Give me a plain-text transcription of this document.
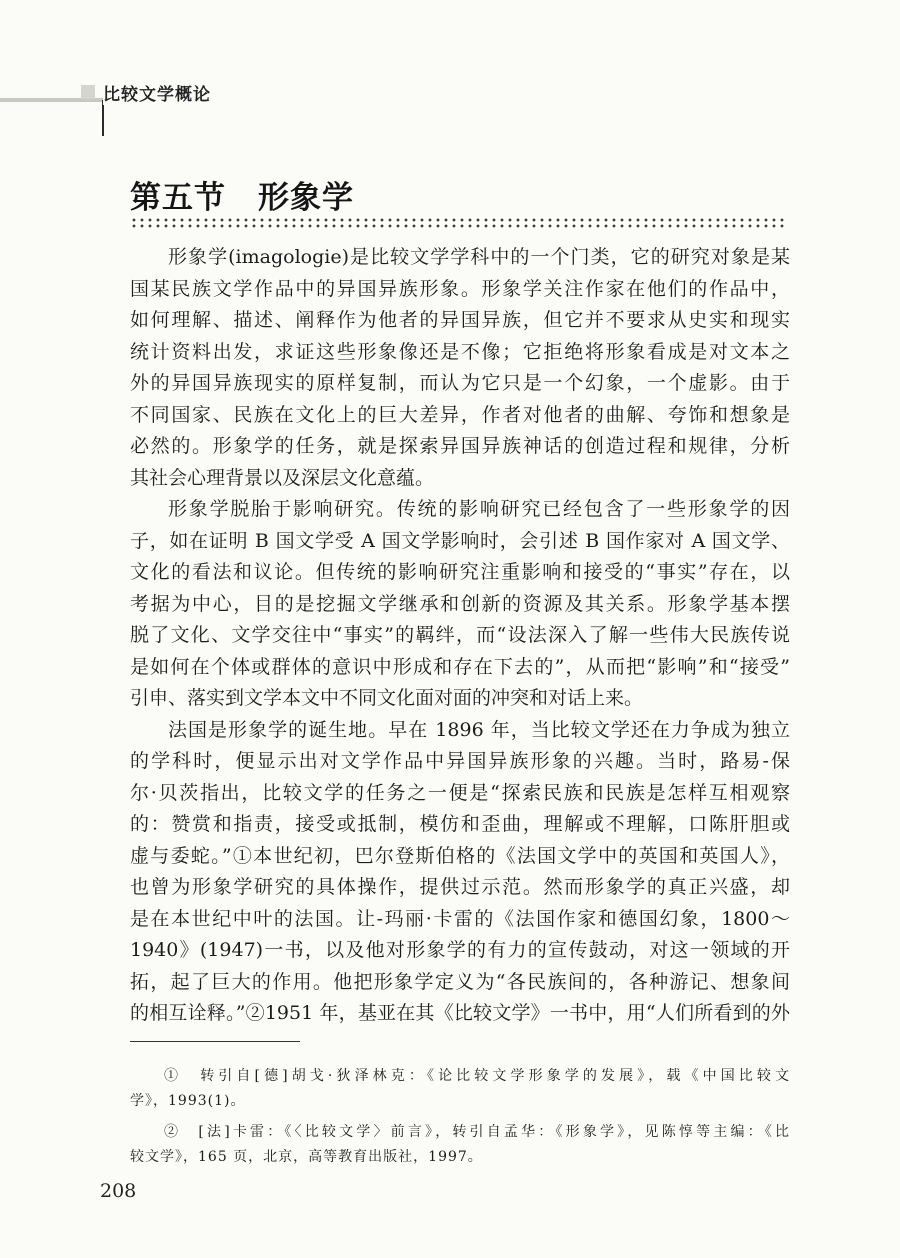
比较文学概论
第五节　形象学

形象学(imagologie)是比较文学学科中的一个门类，它的研究对象是某
国某民族文学作品中的异国异族形象。形象学关注作家在他们的作品中，
如何理解、描述、阐释作为他者的异国异族，但它并不要求从史实和现实
统计资料出发，求证这些形象像还是不像；它拒绝将形象看成是对文本之
外的异国异族现实的原样复制，而认为它只是一个幻象，一个虚影。由于
不同国家、民族在文化上的巨大差异，作者对他者的曲解、夸饰和想象是
必然的。形象学的任务，就是探索异国异族神话的创造过程和规律，分析
其社会心理背景以及深层文化意蕴。

形象学脱胎于影响研究。传统的影响研究已经包含了一些形象学的因
子，如在证明 B 国文学受 A 国文学影响时，会引述 B 国作家对 A 国文学、
文化的看法和议论。但传统的影响研究注重影响和接受的“事实”存在，以
考据为中心，目的是挖掘文学继承和创新的资源及其关系。形象学基本摆
脱了文化、文学交往中“事实”的羁绊，而“设法深入了解一些伟大民族传说
是如何在个体或群体的意识中形成和存在下去的”，从而把“影响”和“接受”
引申、落实到文学本文中不同文化面对面的冲突和对话上来。

法国是形象学的诞生地。早在 1896 年，当比较文学还在力争成为独立
的学科时，便显示出对文学作品中异国异族形象的兴趣。当时，路易-保
尔·贝茨指出，比较文学的任务之一便是“探索民族和民族是怎样互相观察
的：赞赏和指责，接受或抵制，模仿和歪曲，理解或不理解，口陈肝胆或
虚与委蛇。”①本世纪初，巴尔登斯伯格的《法国文学中的英国和英国人》，
也曾为形象学研究的具体操作，提供过示范。然而形象学的真正兴盛，却
是在本世纪中叶的法国。让-玛丽·卡雷的《法国作家和德国幻象，1800～
1940》(1947)一书，以及他对形象学的有力的宣传鼓动，对这一领域的开
拓，起了巨大的作用。他把形象学定义为“各民族间的，各种游记、想象间
的相互诠释。”②1951 年，基亚在其《比较文学》一书中，用“人们所看到的外

①　转引自[德]胡戈·狄泽林克：《论比较文学形象学的发展》，载《中国比较文
学》，1993(1)。

②　[法]卡雷：《〈比较文学〉前言》，转引自孟华：《形象学》，见陈惇等主编：《比
较文学》，165 页，北京，高等教育出版社，1997。

208
